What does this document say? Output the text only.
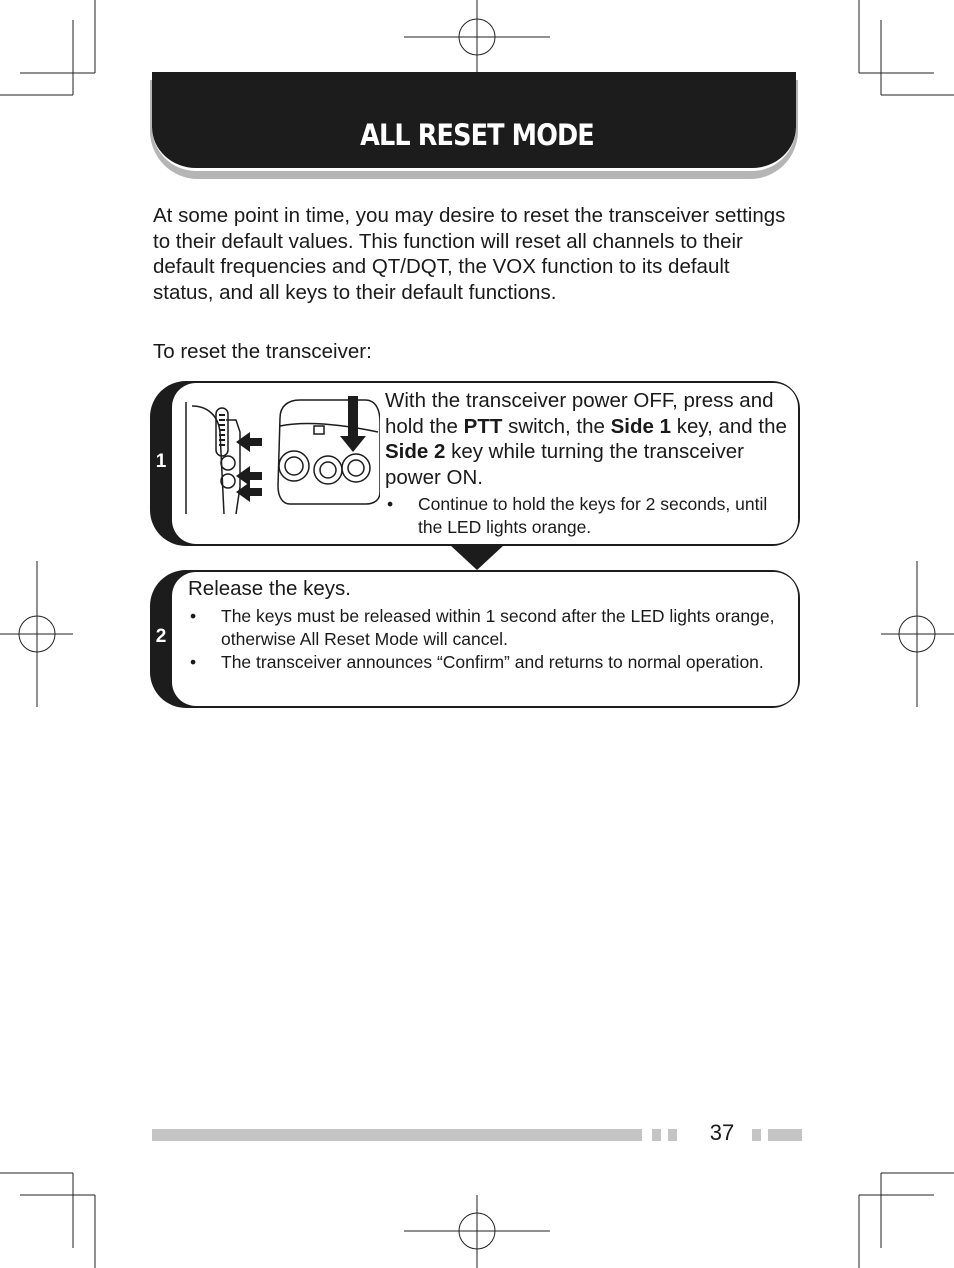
ALL RESET MODE

At some point in time, you may desire to reset the transceiver settings to their default values. This function will reset all channels to their default frequencies and QT/DQT, the VOX function to its default status, and all keys to their default functions.

To reset the transceiver:

1
With the transceiver power OFF, press and hold the PTT switch, the Side 1 key, and the Side 2 key while turning the transceiver power ON.
• Continue to hold the keys for 2 seconds, until the LED lights orange.
2

Release the keys.

• The keys must be released within 1 second after the LED lights orange, otherwise All Reset Mode will cancel.
• The transceiver announces “Confirm” and returns to normal operation.
37
